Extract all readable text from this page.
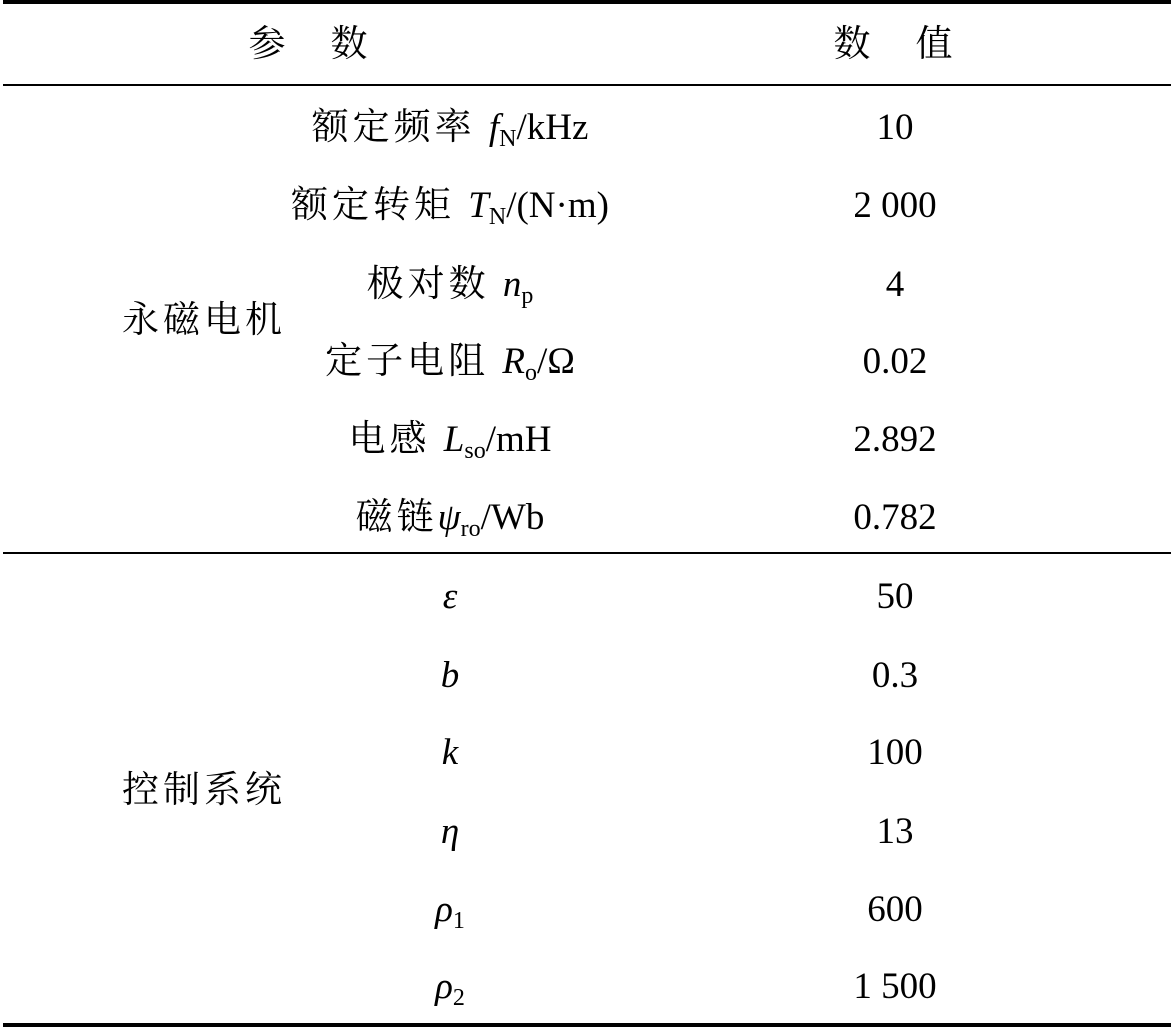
参　数	数　值
永磁电机
额定频率 $f_N$/kHz	10
额定转矩 $T_N/(N\cdot m)$	2 000
极对数 $n_p$	4
定子电阻 $R_o/\Omega$	0.02
电感 $L_{so}/mH$	2.892
磁链$\psi_{ro}/Wb$	0.782
控制系统
ε	50
b	0.3
k	100
η	13
$\rho_1$	600
$\rho_2$	1 500
